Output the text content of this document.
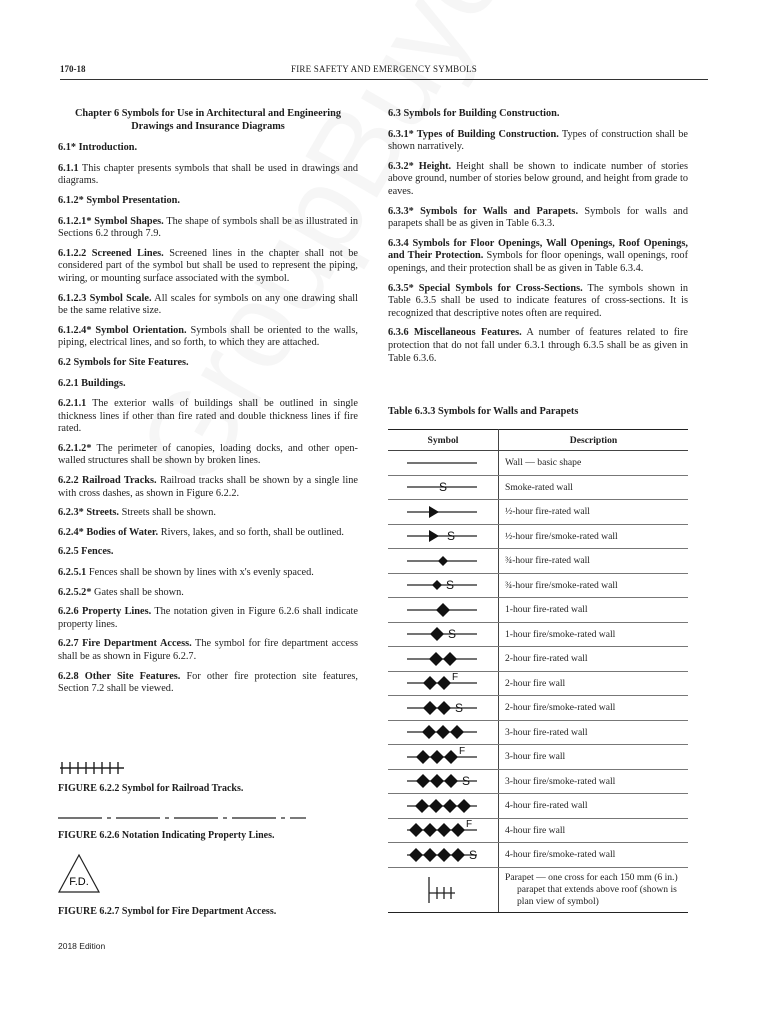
170-18	FIRE SAFETY AND EMERGENCY SYMBOLS

Chapter 6 Symbols for Use in Architectural and Engineering
Drawings and Insurance Diagrams

6.1* Introduction.

6.1.1 This chapter presents symbols that shall be used in drawings and diagrams.

6.1.2* Symbol Presentation.

6.1.2.1* Symbol Shapes. The shape of symbols shall be as illustrated in Sections 6.2 through 7.9.

6.1.2.2 Screened Lines. Screened lines in the chapter shall not be considered part of the symbol but shall be used to represent the piping, wiring, or mounting surface associated with the symbol.

6.1.2.3 Symbol Scale. All scales for symbols on any one drawing shall be the same relative size.

6.1.2.4* Symbol Orientation. Symbols shall be oriented to the walls, piping, electrical lines, and so forth, to which they are attached.

6.2 Symbols for Site Features.

6.2.1 Buildings.

6.2.1.1 The exterior walls of buildings shall be outlined in single thickness lines if other than fire rated and double thickness lines if fire rated.

6.2.1.2* The perimeter of canopies, loading docks, and other open-walled structures shall be shown by broken lines.

6.2.2 Railroad Tracks. Railroad tracks shall be shown by a single line with cross dashes, as shown in Figure 6.2.2.

6.2.3* Streets. Streets shall be shown.

6.2.4* Bodies of Water. Rivers, lakes, and so forth, shall be outlined.

6.2.5 Fences.

6.2.5.1 Fences shall be shown by lines with x's evenly spaced.

6.2.5.2* Gates shall be shown.

6.2.6 Property Lines. The notation given in Figure 6.2.6 shall indicate property lines.

6.2.7 Fire Department Access. The symbol for fire department access shall be as shown in Figure 6.2.7.

6.2.8 Other Site Features. For other fire protection site features, Section 7.2 shall be viewed.

FIGURE 6.2.2 Symbol for Railroad Tracks.
FIGURE 6.2.6 Notation Indicating Property Lines.
F.D.
FIGURE 6.2.7 Symbol for Fire Department Access.

6.3 Symbols for Building Construction.

6.3.1* Types of Building Construction. Types of construction shall be shown narratively.

6.3.2* Height. Height shall be shown to indicate number of stories above ground, number of stories below ground, and height from grade to eaves.

6.3.3* Symbols for Walls and Parapets. Symbols for walls and parapets shall be as given in Table 6.3.3.

6.3.4 Symbols for Floor Openings, Wall Openings, Roof Openings, and Their Protection. Symbols for floor openings, wall openings, roof openings, and their protection shall be as given in Table 6.3.4.

6.3.5* Special Symbols for Cross-Sections. The symbols shown in Table 6.3.5 shall be used to indicate features of cross-sections. It is recognized that descriptive notes often are required.

6.3.6 Miscellaneous Features. A number of features related to fire protection that do not fall under 6.3.1 through 6.3.5 shall be as given in Table 6.3.6.

Table 6.3.3 Symbols for Walls and Parapets
Symbol	Description

	Wall — basic shape

S	Smoke-rated wall

	½-hour fire-rated wall

S	½-hour fire/smoke-rated wall

	¾-hour fire-rated wall

S	¾-hour fire/smoke-rated wall

	1-hour fire-rated wall

S	1-hour fire/smoke-rated wall

	2-hour fire-rated wall

F	2-hour fire wall

S	2-hour fire/smoke-rated wall

	3-hour fire-rated wall

F	3-hour fire wall

S	3-hour fire/smoke-rated wall

	4-hour fire-rated wall

F	4-hour fire wall

S	4-hour fire/smoke-rated wall

	Parapet — one cross for each 150 mm (6 in.) parapet that extends above roof (shown is plan view of symbol)
2018 Edition
